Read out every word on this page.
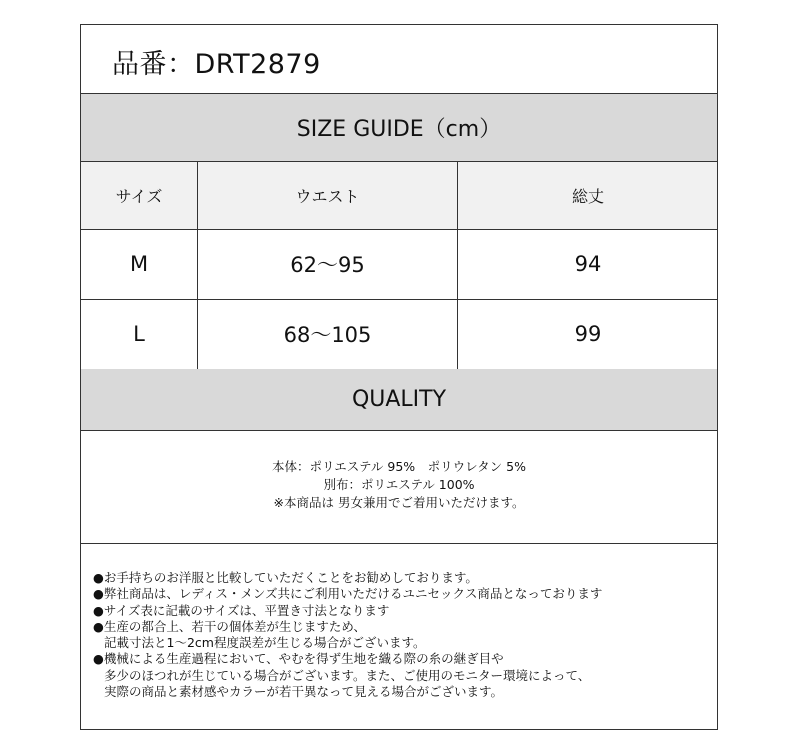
品番：DRT2879
SIZE GUIDE（cm）
サイズ	ウエスト	総丈
M	62〜95	94
L	68〜105	99
QUALITY
本体：ポリエステル 95%　ポリウレタン 5%
別布：ポリエステル 100%
※本商品は 男女兼用でご着用いただけます。
●お手持ちのお洋服と比較していただくことをお勧めしております。
●弊社商品は、レディス・メンズ共にご利用いただけるユニセックス商品となっております
●サイズ表に記載のサイズは、平置き寸法となります
●生産の都合上、若干の個体差が生じますため、
記載寸法と1～2cm程度誤差が生じる場合がございます。
●機械による生産過程において、やむを得ず生地を織る際の糸の継ぎ目や
多少のほつれが生じている場合がございます。また、ご使用のモニター環境によって、
実際の商品と素材感やカラーが若干異なって見える場合がございます。
